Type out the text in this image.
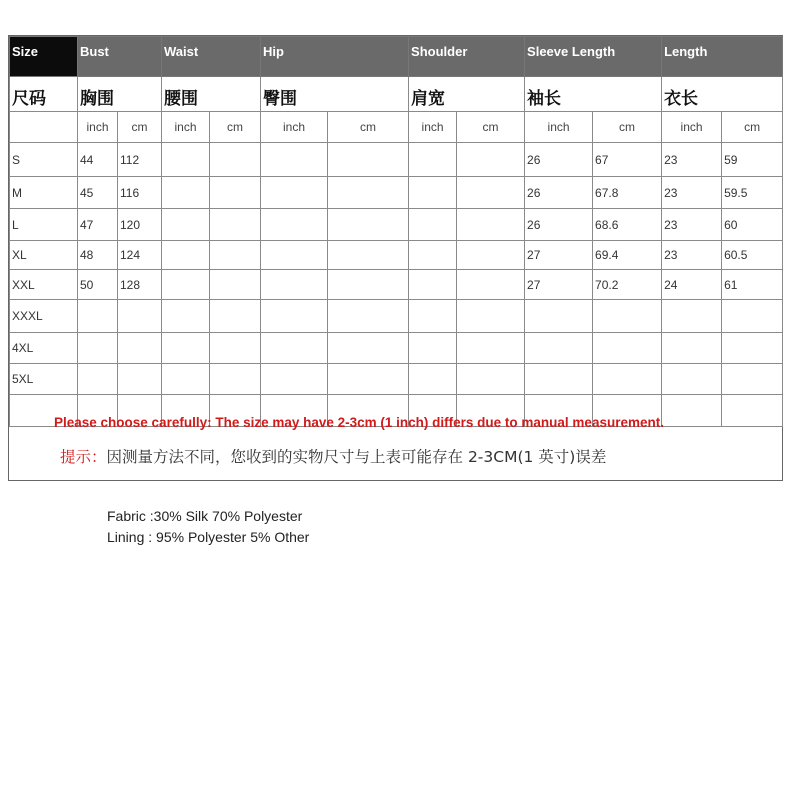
Size	Bust		Waist		Hip		Shoulder		Sleeve Length		Length	
尺码	胸围		腰围		臀围		肩宽		袖长		衣长	
	inch	cm	inch	cm	inch	cm	inch	cm	inch	cm	inch	cm
S	44	112							26	67	23	59
M	45	116							26	67.8	23	59.5
L	47	120							26	68.6	23	60
XL	48	124							27	69.4	23	60.5
XXL	50	128							27	70.2	24	61
XXXL												
4XL												
5XL												

Please choose carefully: The size may have 2-3cm (1 inch) differs due to manual measurement.
提示：因测量方法不同，您收到的实物尺寸与上表可能存在 2-3CM(1 英寸)误差
Fabric :30% Silk 70% Polyester
Lining : 95% Polyester 5% Other
